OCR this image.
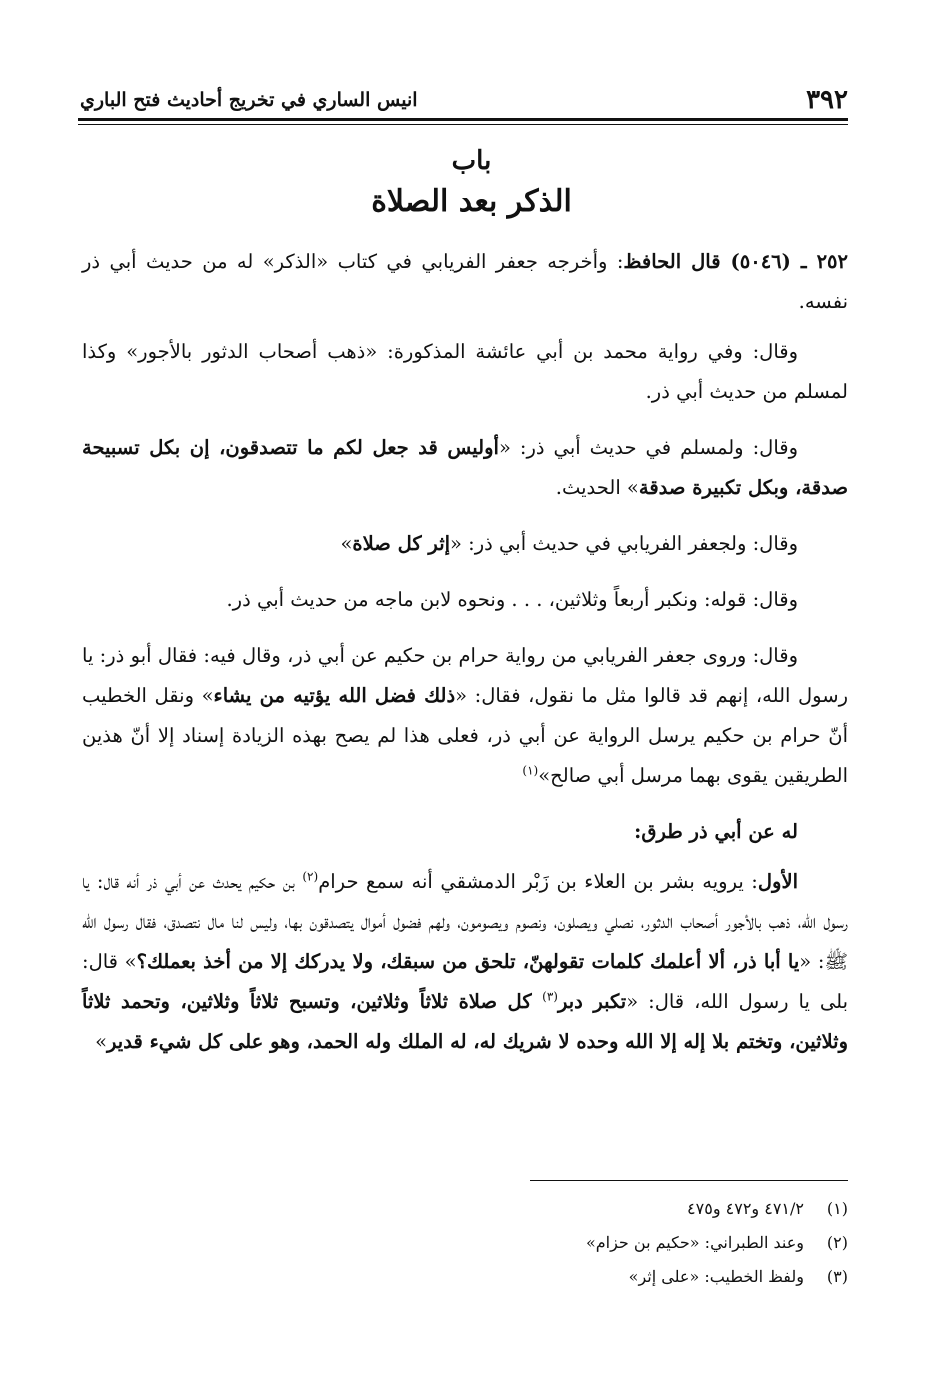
٣٩٢
انيس الساري في تخريج أحاديث فتح الباري
باب
الذكر بعد الصلاة

٢٥٢ ـ (٥٠٤٦) قال الحافظ: وأخرجه جعفر الفريابي في كتاب «الذكر» له من حديث أبي ذر نفسه.

وقال: وفي رواية محمد بن أبي عائشة المذكورة: «ذهب أصحاب الدثور بالأجور» وكذا لمسلم من حديث أبي ذر.

وقال: ولمسلم في حديث أبي ذر: «أوليس قد جعل لكم ما تتصدقون، إن بكل تسبيحة صدقة، وبكل تكبيرة صدقة» الحديث.

وقال: ولجعفر الفريابي في حديث أبي ذر: «إثر كل صلاة»

وقال: قوله: ونكبر أربعاً وثلاثين، . . . ونحوه لابن ماجه من حديث أبي ذر.

وقال: وروى جعفر الفريابي من رواية حرام بن حكيم عن أبي ذر، وقال فيه: فقال أبو ذر: يا رسول الله، إنهم قد قالوا مثل ما نقول، فقال: «ذلك فضل الله يؤتيه من يشاء» ونقل الخطيب أنّ حرام بن حكيم يرسل الرواية عن أبي ذر، فعلى هذا لم يصح بهذه الزيادة إسناد إلا أنّ هذين الطريقين يقوى بهما مرسل أبي صالح»$^{(١)}$

له عن أبي ذر طرق:

الأول: يرويه بشر بن العلاء بن زَبْر الدمشقي أنه سمع حرام$^{(٢)}$ بن حكيم يحدث عن أبي ذر أنه قال: يا رسول الله، ذهب بالأجور أصحاب الدثور، نصلي ويصلون، ونصوم ويصومون، ولهم فضول أموال يتصدقون بها، وليس لنا مال نتصدق، فقال رسول الله ﷺ: «يا أبا ذر، ألا أعلمك كلمات تقولهنّ، تلحق من سبقك، ولا يدركك إلا من أخذ بعملك؟» قال: بلى يا رسول الله، قال: «تكبر دبر$^{(٣)}$ كل صلاة ثلاثاً وثلاثين، وتسبح ثلاثاً وثلاثين، وتحمد ثلاثاً وثلاثين، وتختم بلا إله إلا الله وحده لا شريك له، له الملك وله الحمد، وهو على كل شيء قدير»

(١)
٤٧١/٢ و٤٧٢ و٤٧٥
(٢)
وعند الطبراني: «حكيم بن حزام»
(٣)
ولفظ الخطيب: «على إثر»
